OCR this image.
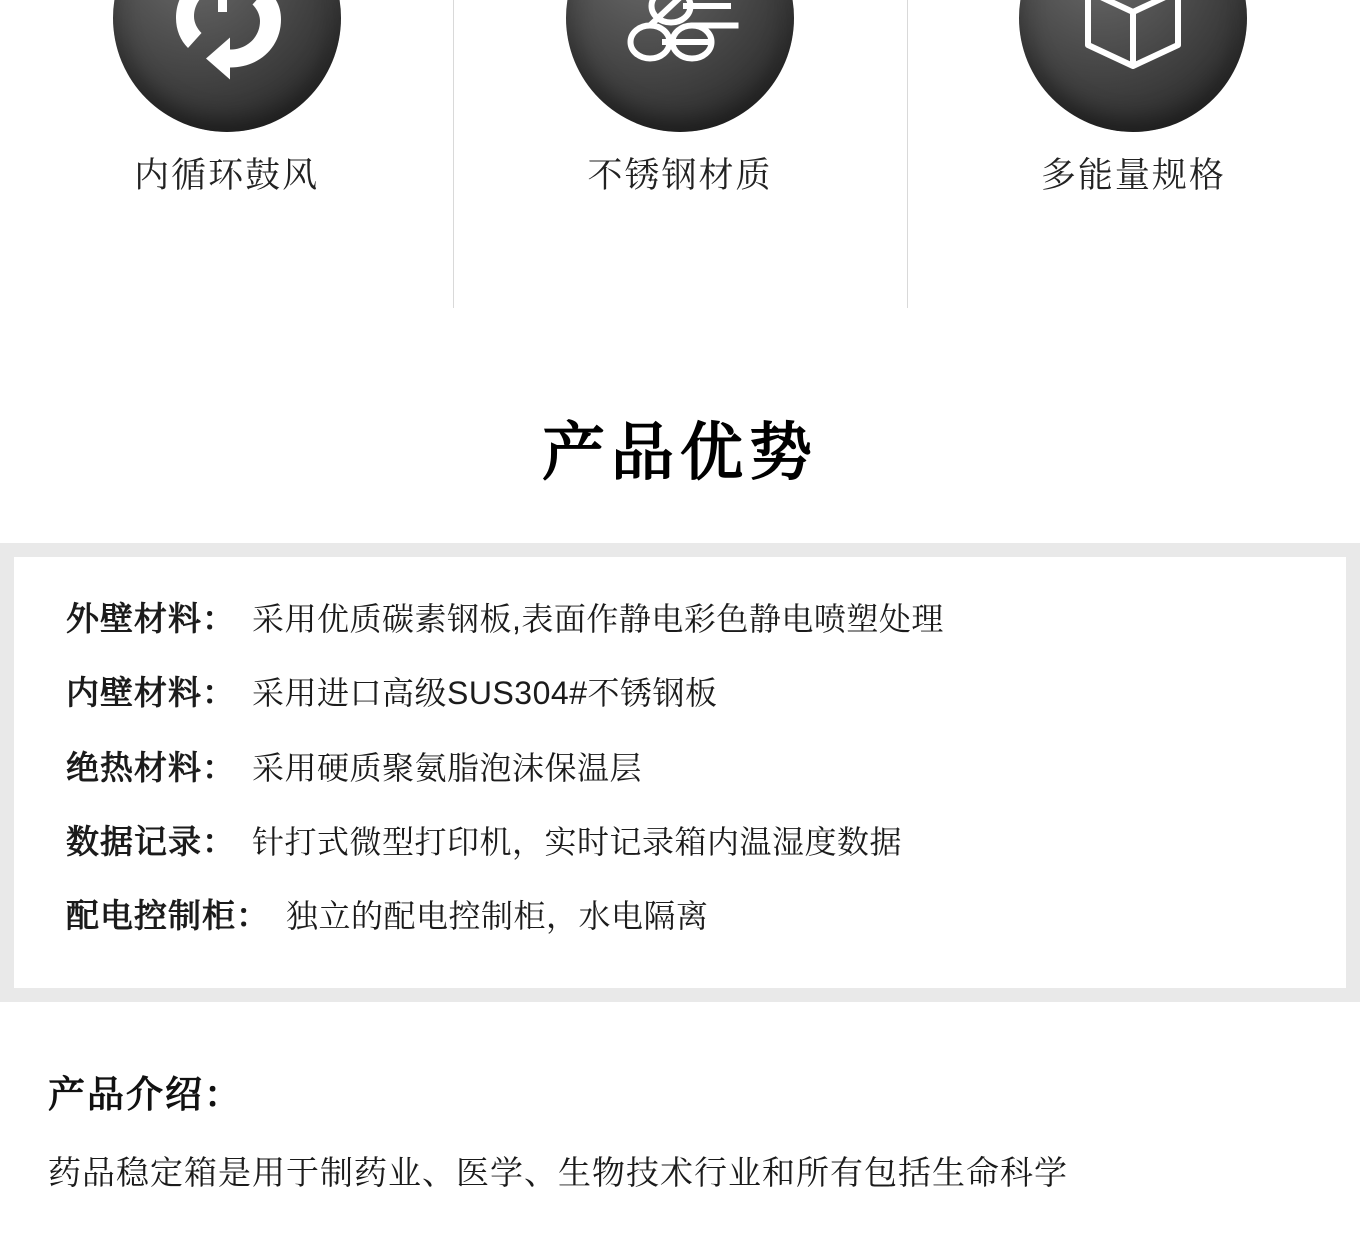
内循环鼓风	不锈钢材质	多能量规格
产品优势
外壁材料： 采用优质碳素钢板,表面作静电彩色静电喷塑处理
内壁材料： 采用进口高级SUS304#不锈钢板
绝热材料： 采用硬质聚氨脂泡沫保温层
数据记录： 针打式微型打印机，实时记录箱内温湿度数据
配电控制柜： 独立的配电控制柜，水电隔离
产品介绍：
药品稳定箱是用于制药业、医学、生物技术行业和所有包括生命科学
